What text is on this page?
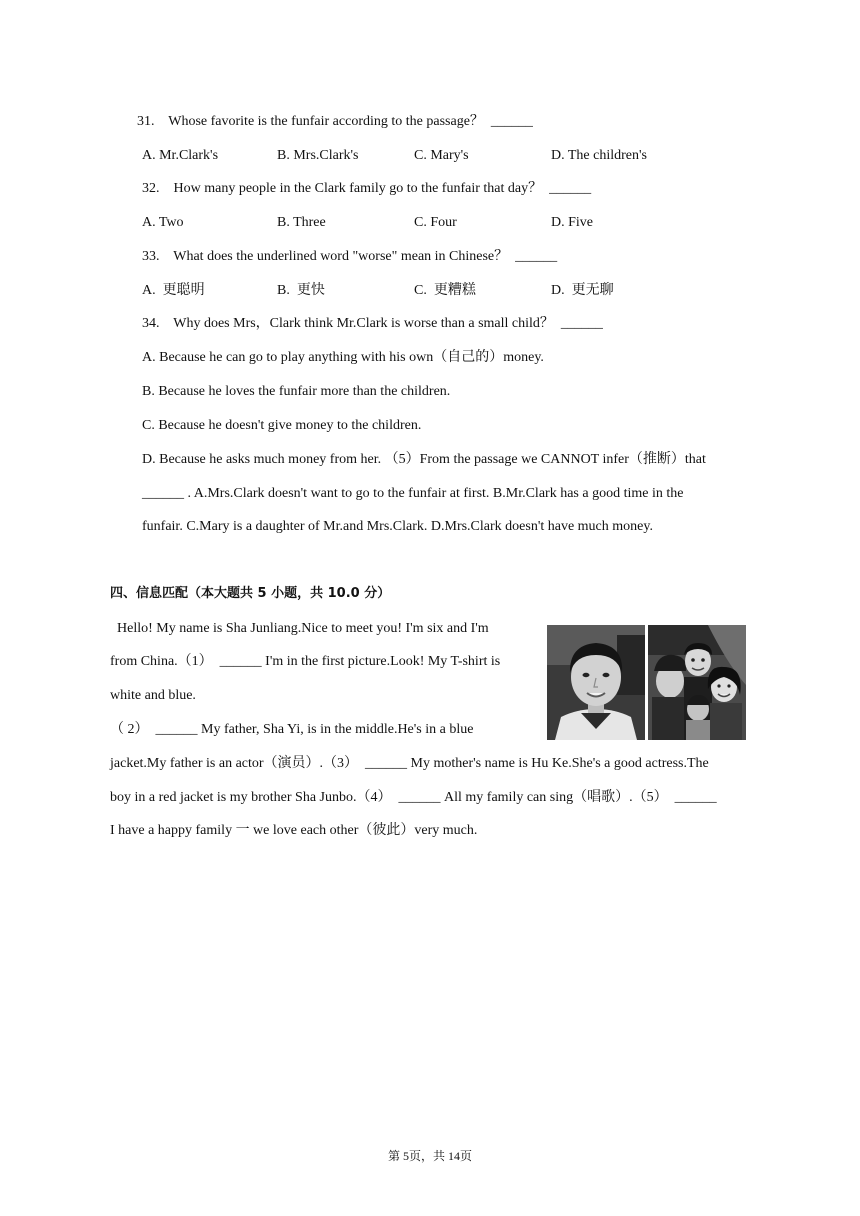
31.    Whose favorite is the funfair according to the passage？  ______
A. Mr.Clark's	B. Mrs.Clark's	C. Mary's	D. The children's
32.    How many people in the Clark family go to the funfair that day？  ______
A. Two	B. Three	C. Four	D. Five
33.    What does the underlined word "worse" mean in Chinese？  ______
A.  更聪明	B.  更快	C.  更糟糕	D.  更无聊
34.    Why does Mrs，Clark think Mr.Clark is worse than a small child？  ______
A. Because he can go to play anything with his own（自己的）money.
B. Because he loves the funfair more than the children.
C. Because he doesn't give money to the children.
D. Because he asks much money from her. （5）From the passage we CANNOT infer（推断）that
______ . A.Mrs.Clark doesn't want to go to the funfair at first. B.Mr.Clark has a good time in the
funfair. C.Mary is a daughter of Mr.and Mrs.Clark. D.Mrs.Clark doesn't have much money.
四、信息匹配（本大题共 5 小题，共 10.0 分）
Hello! My name is Sha Junliang.Nice to meet you! I'm six and I'm
from China.（1）  ______ I'm in the first picture.Look! My T-shirt is
white and blue.
（ 2）  ______ My father, Sha Yi, is in the middle.He's in a blue
jacket.My father is an actor（演员）.（3）  ______ My mother's name is Hu Ke.She's a good actress.The
boy in a red jacket is my brother Sha Junbo.（4）  ______ All my family can sing（唱歌）.（5）  ______
I have a happy family 一 we love each other（彼此）very much.
第 5页，共 14页
